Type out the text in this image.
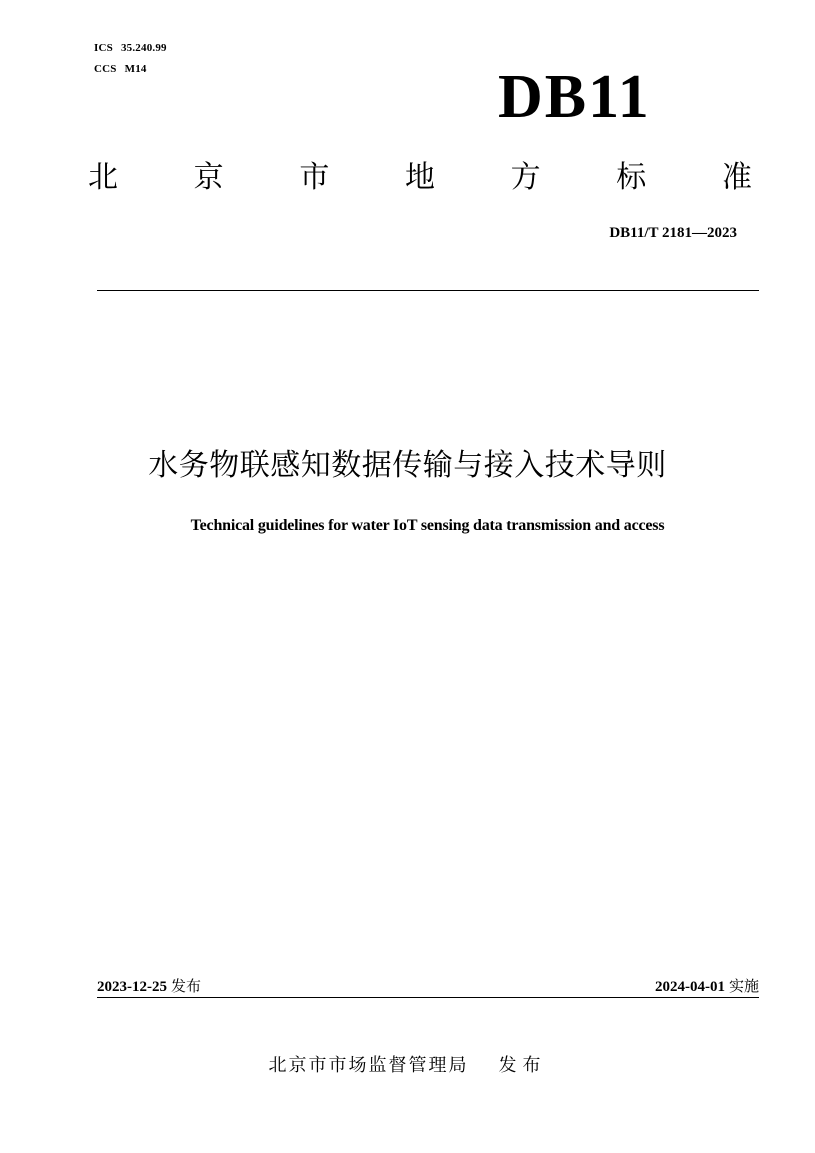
ICS 35.240.99
CCS M14	DB11
北	京	市	地	方	标	准
DB11/T 2181—2023
水务物联感知数据传输与接入技术导则
Technical guidelines for water IoT sensing data transmission and access
2023-12-25 发布	2024-04-01 实施
北京市市场监督管理局 发布
